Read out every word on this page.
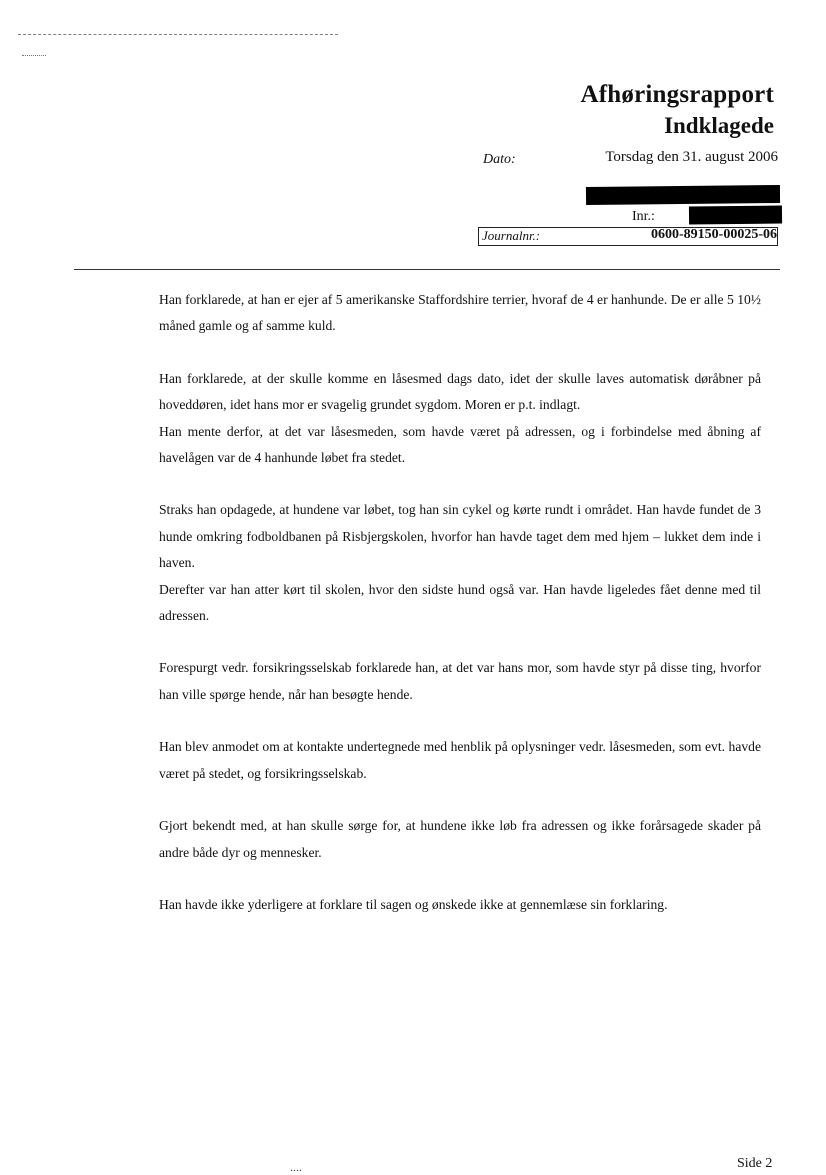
Afhøringsrapport
Indklagede
Dato:	Torsdag den 31. august 2006
Inr.:
Journalnr.:	0600-89150-00025-06

Han forklarede, at han er ejer af 5 amerikanske Staffordshire terrier, hvoraf de 4 er hanhunde. De er alle 5 10½ måned gamle og af samme kuld.

Han forklarede, at der skulle komme en låsesmed dags dato, idet der skulle laves automatisk døråbner på hoveddøren, idet hans mor er svagelig grundet sygdom. Moren er p.t. indlagt.

Han mente derfor, at det var låsesmeden, som havde været på adressen, og i forbindelse med åbning af havelågen var de 4 hanhunde løbet fra stedet.

Straks han opdagede, at hundene var løbet, tog han sin cykel og kørte rundt i området. Han havde fundet de 3 hunde omkring fodboldbanen på Risbjergskolen, hvorfor han havde taget dem med hjem – lukket dem inde i haven.

Derefter var han atter kørt til skolen, hvor den sidste hund også var. Han havde ligeledes fået denne med til adressen.

Forespurgt vedr. forsikringsselskab forklarede han, at det var hans mor, som havde styr på disse ting, hvorfor han ville spørge hende, når han besøgte hende.

Han blev anmodet om at kontakte undertegnede med henblik på oplysninger vedr. låsesmeden, som evt. havde været på stedet, og forsikringsselskab.

Gjort bekendt med, at han skulle sørge for, at hundene ikke løb fra adressen og ikke forårsagede skader på andre både dyr og mennesker.

Han havde ikke yderligere at forklare til sagen og ønskede ikke at gennemlæse sin forklaring.

....	Side 2
